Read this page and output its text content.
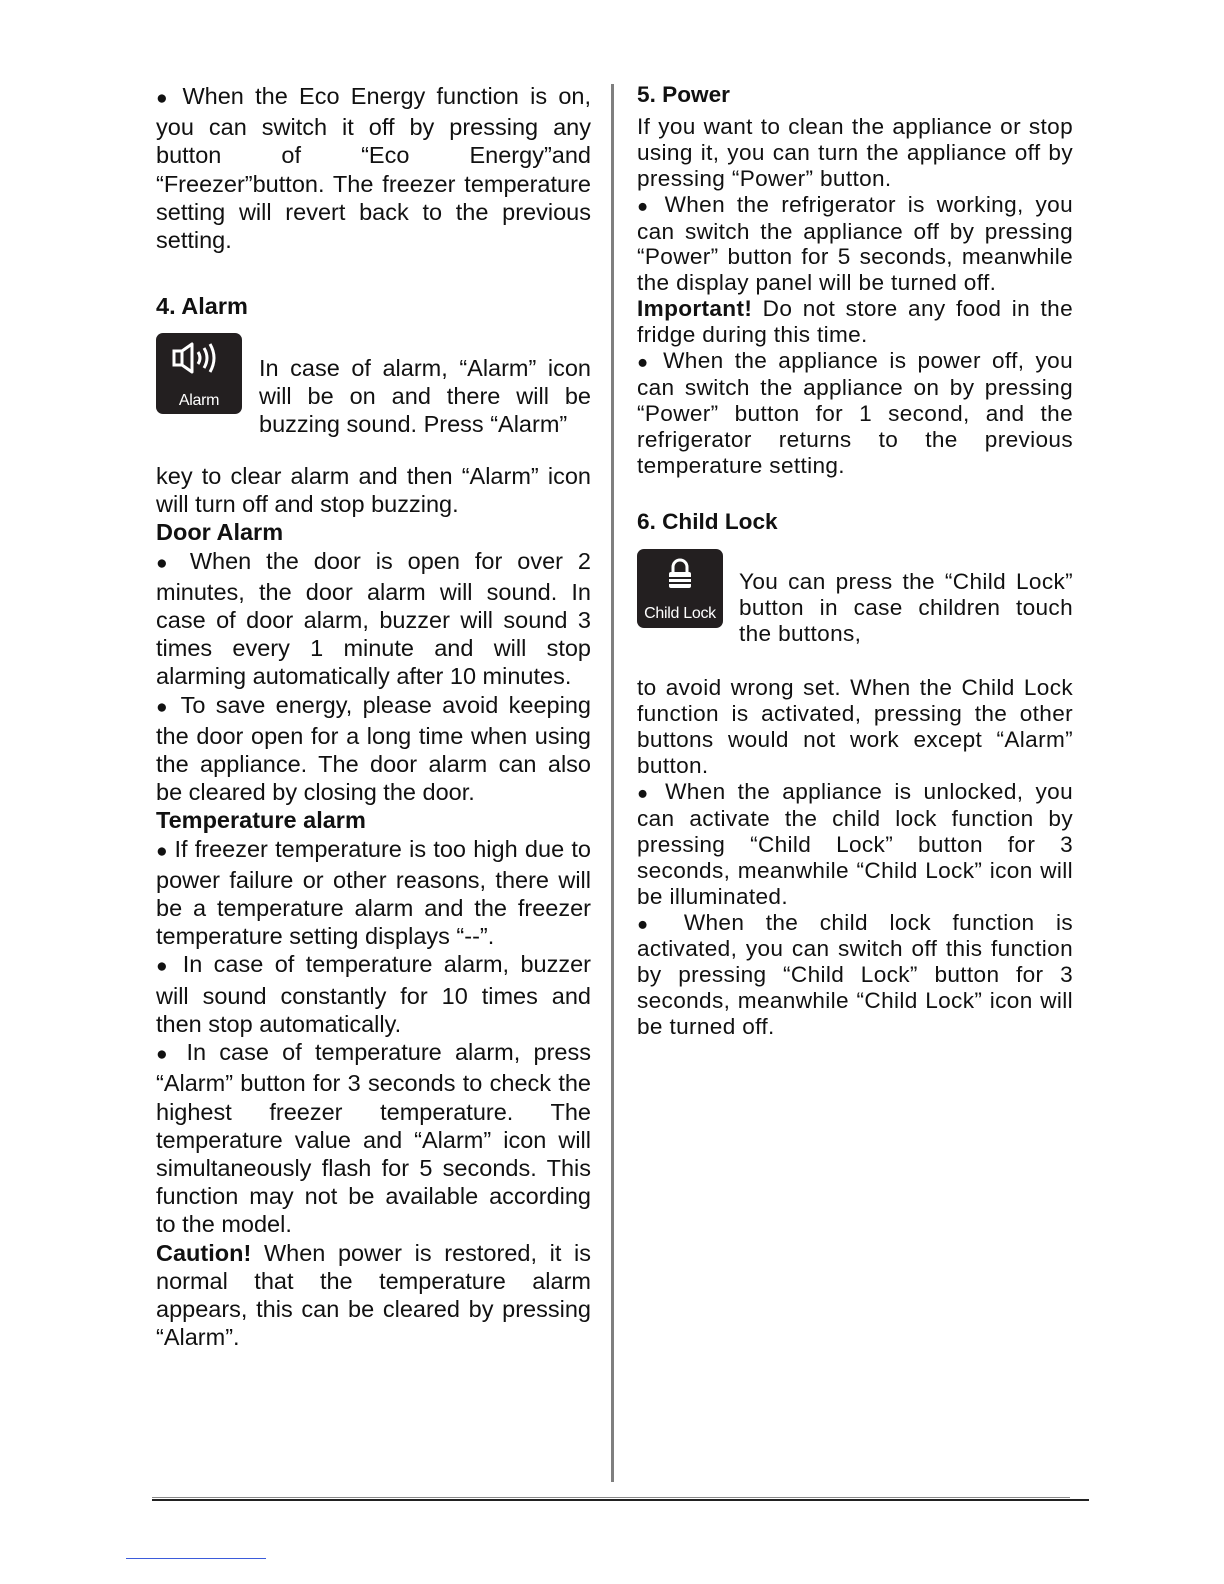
● When the Eco Energy function is on, you can switch it off by pressing any button of “Eco Energy”and “Freezer”button. The freezer temperature setting will revert back to the previous setting.

4. Alarm

Alarm

In case of alarm, “Alarm” icon will be on and there will be buzzing sound. Press “Alarm”

key to clear alarm and then “Alarm” icon will turn off and stop buzzing.

Door Alarm

● When the door is open for over 2 minutes, the door alarm will sound. In case of door alarm, buzzer will sound 3 times every 1 minute and will stop alarming automatically after 10 minutes.

● To save energy, please avoid keeping the door open for a long time when using the appliance. The door alarm can also be cleared by closing the door.

Temperature alarm

● If freezer temperature is too high due to power failure or other reasons, there will be a temperature alarm and the freezer temperature setting displays “--”.

● In case of temperature alarm, buzzer will sound constantly for 10 times and then stop automatically.

● In case of temperature alarm, press “Alarm” button for 3 seconds to check the highest freezer temperature. The temperature value and “Alarm” icon will simultaneously flash for 5 seconds. This function may not be available according to the model.

Caution! When power is restored, it is normal that the temperature alarm appears, this can be cleared by pressing “Alarm”.

5. Power

If you want to clean the appliance or stop using it, you can turn the appliance off by pressing “Power” button.

● When the refrigerator is working, you can switch the appliance off by pressing “Power” button for 5 seconds, meanwhile the display panel will be turned off.

Important! Do not store any food in the fridge during this time.

● When the appliance is power off, you can switch the appliance on by pressing “Power” button for 1 second, and the refrigerator returns to the previous temperature setting.

6. Child Lock

Child Lock

You can press the “Child Lock” button in case children touch the buttons,

to avoid wrong set. When the Child Lock function is activated, pressing the other buttons would not work except “Alarm” button.

● When the appliance is unlocked, you can activate the child lock function by pressing “Child Lock” button for 3 seconds, meanwhile “Child Lock” icon will be illuminated.

● When the child lock function is activated, you can switch off this function by pressing “Child Lock” button for 3 seconds, meanwhile “Child Lock” icon will be turned off.
